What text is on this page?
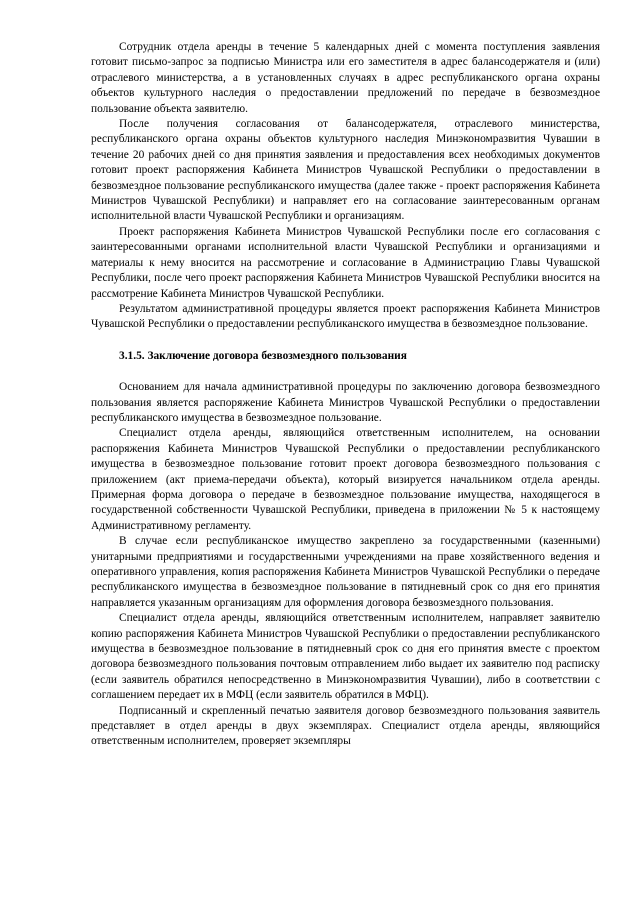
Сотрудник отдела аренды в течение 5 календарных дней с момента поступления заявления готовит письмо-запрос за подписью Министра или его заместителя в адрес балансодержателя и (или) отраслевого министерства, а в установленных случаях в адрес республиканского органа охраны объектов культурного наследия о предоставлении предложений по передаче в безвозмездное пользование объекта заявителю.

После получения согласования от балансодержателя, отраслевого министерства, республиканского органа охраны объектов культурного наследия Минэкономразвития Чувашии в течение 20 рабочих дней со дня принятия заявления и предоставления всех необходимых документов готовит проект распоряжения Кабинета Министров Чувашской Республики о предоставлении в безвозмездное пользование республиканского имущества (далее также - проект распоряжения Кабинета Министров Чувашской Республики) и направляет его на согласование заинтересованным органам исполнительной власти Чувашской Республики и организациям.

Проект распоряжения Кабинета Министров Чувашской Республики после его согласования с заинтересованными органами исполнительной власти Чувашской Республики и организациями и материалы к нему вносится на рассмотрение и согласование в Администрацию Главы Чувашской Республики, после чего проект распоряжения Кабинета Министров Чувашской Республики вносится на рассмотрение Кабинета Министров Чувашской Республики.

Результатом административной процедуры является проект распоряжения Кабинета Министров Чувашской Республики о предоставлении республиканского имущества в безвозмездное пользование.

3.1.5. Заключение договора безвозмездного пользования

Основанием для начала административной процедуры по заключению договора безвозмездного пользования является распоряжение Кабинета Министров Чувашской Республики о предоставлении республиканского имущества в безвозмездное пользование.

Специалист отдела аренды, являющийся ответственным исполнителем, на основании распоряжения Кабинета Министров Чувашской Республики о предоставлении республиканского имущества в безвозмездное пользование готовит проект договора безвозмездного пользования с приложением (акт приема-передачи объекта), который визируется начальником отдела аренды. Примерная форма договора о передаче в безвозмездное пользование имущества, находящегося в государственной собственности Чувашской Республики, приведена в приложении № 5 к настоящему Административному регламенту.

В случае если республиканское имущество закреплено за государственными (казенными) унитарными предприятиями и государственными учреждениями на праве хозяйственного ведения и оперативного управления, копия распоряжения Кабинета Министров Чувашской Республики о передаче республиканского имущества в безвозмездное пользование в пятидневный срок со дня его принятия направляется указанным организациям для оформления договора безвозмездного пользования.

Специалист отдела аренды, являющийся ответственным исполнителем, направляет заявителю копию распоряжения Кабинета Министров Чувашской Республики о предоставлении республиканского имущества в безвозмездное пользование в пятидневный срок со дня его принятия вместе с проектом договора безвозмездного пользования почтовым отправлением либо выдает их заявителю под расписку (если заявитель обратился непосредственно в Минэкономразвития Чувашии), либо в соответствии с соглашением передает их в МФЦ (если заявитель обратился в МФЦ).

Подписанный и скрепленный печатью заявителя договор безвозмездного пользования заявитель представляет в отдел аренды в двух экземплярах. Специалист отдела аренды, являющийся ответственным исполнителем, проверяет экземпляры
